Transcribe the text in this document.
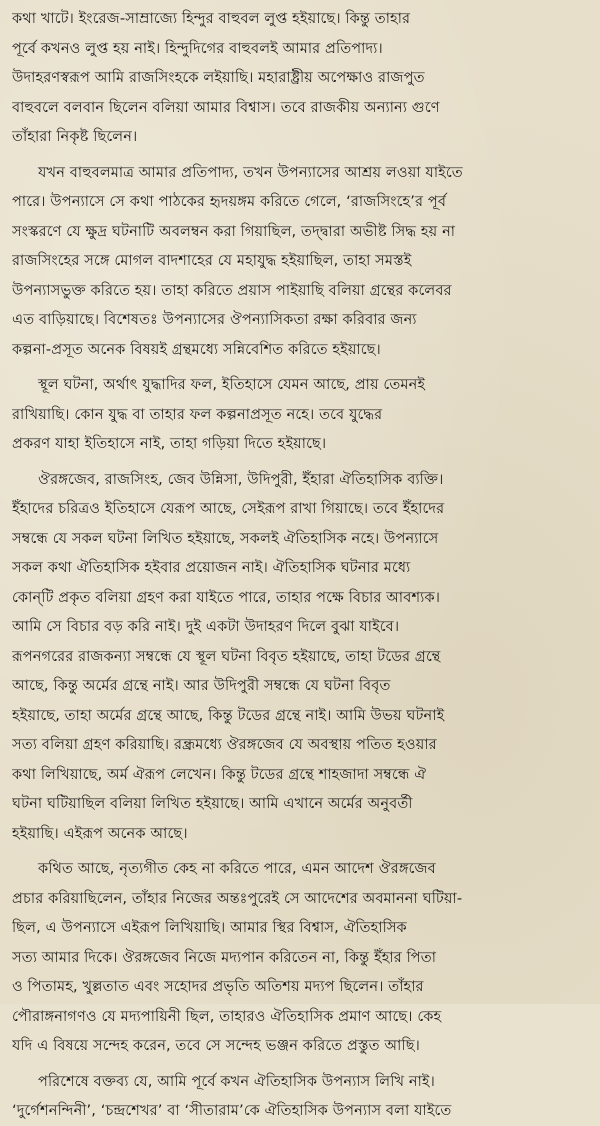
কথা খাটে। ইংরেজ-সাম্রাজ্যে হিন্দুর বাহুবল লুপ্ত হইয়াছে। কিন্তু তাহার
পূর্বে কখনও লুপ্ত হয় নাই। হিন্দুদিগের বাহুবলই আমার প্রতিপাদ্য।
উদাহরণস্বরূপ আমি রাজসিংহকে লইয়াছি। মহারাষ্ট্রীয় অপেক্ষাও রাজপুত
বাহুবলে বলবান ছিলেন বলিয়া আমার বিশ্বাস। তবে রাজকীয় অন্যান্য গুণে
তাঁহারা নিকৃষ্ট ছিলেন।
যখন বাহুবলমাত্র আমার প্রতিপাদ্য, তখন উপন্যাসের আশ্রয় লওয়া যাইতে
পারে। উপন্যাসে সে কথা পাঠকের হৃদয়ঙ্গম করিতে গেলে, ‘রাজসিংহে’র পূর্ব
সংস্করণে যে ক্ষুদ্র ঘটনাটি অবলম্বন করা গিয়াছিল, তদ্দ্বারা অভীষ্ট সিদ্ধ হয় না
রাজসিংহের সঙ্গে মোগল বাদশাহের যে মহাযুদ্ধ হইয়াছিল, তাহা সমস্তই
উপন্যাসভুক্ত করিতে হয়। তাহা করিতে প্রয়াস পাইয়াছি বলিয়া গ্রন্থের কলেবর
এত বাড়িয়াছে। বিশেষতঃ উপন্যাসের ঔপন্যাসিকতা রক্ষা করিবার জন্য
কল্পনা-প্রসূত অনেক বিষয়ই গ্রন্থমধ্যে সন্নিবেশিত করিতে হইয়াছে।
স্থূল ঘটনা, অর্থাৎ যুদ্ধাদির ফল, ইতিহাসে যেমন আছে, প্রায় তেমনই
রাখিয়াছি। কোন যুদ্ধ বা তাহার ফল কল্পনাপ্রসূত নহে। তবে যুদ্ধের
প্রকরণ যাহা ইতিহাসে নাই, তাহা গড়িয়া দিতে হইয়াছে।
ঔরঙ্গজেব, রাজসিংহ, জেব উন্নিসা, উদিপুরী, ইঁহারা ঐতিহাসিক ব্যক্তি।
ইঁহাদের চরিত্রও ইতিহাসে যেরূপ আছে, সেইরূপ রাখা গিয়াছে। তবে ইঁহাদের
সম্বন্ধে যে সকল ঘটনা লিখিত হইয়াছে, সকলই ঐতিহাসিক নহে। উপন্যাসে
সকল কথা ঐতিহাসিক হইবার প্রয়োজন নাই। ঐতিহাসিক ঘটনার মধ্যে
কোন্‌টি প্রকৃত বলিয়া গ্রহণ করা যাইতে পারে, তাহার পক্ষে বিচার আবশ্যক।
আমি সে বিচার বড় করি নাই। দুই একটা উদাহরণ দিলে বুঝা যাইবে।
রূপনগরের রাজকন্যা সম্বন্ধে যে স্থূল ঘটনা বিবৃত হইয়াছে, তাহা টডের গ্রন্থে
আছে, কিন্তু অর্মের গ্রন্থে নাই। আর উদিপুরী সম্বন্ধে যে ঘটনা বিবৃত
হইয়াছে, তাহা অর্মের গ্রন্থে আছে, কিন্তু টডের গ্রন্থে নাই। আমি উভয় ঘটনাই
সত্য বলিয়া গ্রহণ করিয়াছি। রন্ধ্রমধ্যে ঔরঙ্গজেব যে অবস্থায় পতিত হওয়ার
কথা লিখিয়াছে, অর্ম ঐরূপ লেখেন। কিন্তু টডের গ্রন্থে শাহজাদা সম্বন্ধে ঐ
ঘটনা ঘটিয়াছিল বলিয়া লিখিত হইয়াছে। আমি এখানে অর্মের অনুবর্তী
হইয়াছি। এইরূপ অনেক আছে।
কথিত আছে, নৃত্যগীত কেহ না করিতে পারে, এমন আদেশ ঔরঙ্গজেব
প্রচার করিয়াছিলেন, তাঁহার নিজের অন্তঃপুরেই সে আদেশের অবমাননা ঘটিয়া-
ছিল, এ উপন্যাসে এইরূপ লিখিয়াছি। আমার স্থির বিশ্বাস, ঐতিহাসিক
সত্য আমার দিকে। ঔরঙ্গজেব নিজে মদ্যপান করিতেন না, কিন্তু ইঁহার পিতা
ও পিতামহ, খুল্লতাত এবং সহোদর প্রভৃতি অতিশয় মদ্যপ ছিলেন। তাঁহার
পৌরাঙ্গনাগণও যে মদ্যপায়িনী ছিল, তাহারও ঐতিহাসিক প্রমাণ আছে। কেহ
যদি এ বিষয়ে সন্দেহ করেন, তবে সে সন্দেহ ভঞ্জন করিতে প্রস্তুত আছি।
পরিশেষে বক্তব্য যে, আমি পূর্বে কখন ঐতিহাসিক উপন্যাস লিখি নাই।
‘দুর্গেশনন্দিনী’, ‘চন্দ্রশেখর’ বা ‘সীতারাম’কে ঐতিহাসিক উপন্যাস বলা যাইতে
